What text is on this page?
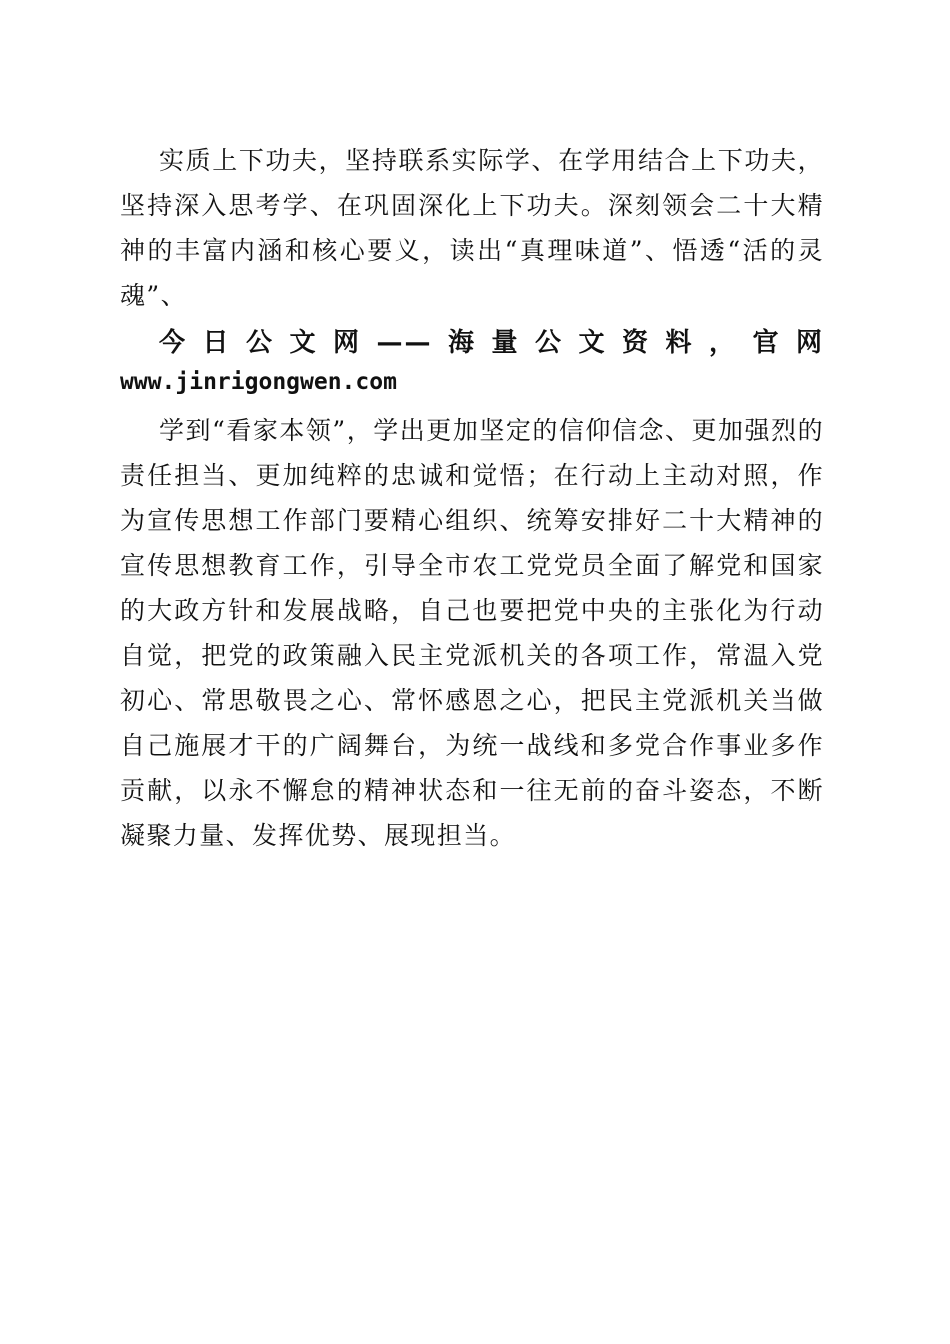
实质上下功夫，坚持联系实际学、在学用结合上下功夫，坚持深入思考学、在巩固深化上下功夫。深刻领会二十大精神的丰富内涵和核心要义，读出“真理味道”、悟透“活的灵魂”、

今日公文网——海量公文资料，官网
www.jinrigongwen.com

学到“看家本领”，学出更加坚定的信仰信念、更加强烈的责任担当、更加纯粹的忠诚和觉悟；在行动上主动对照，作为宣传思想工作部门要精心组织、统筹安排好二十大精神的宣传思想教育工作，引导全市农工党党员全面了解党和国家的大政方针和发展战略，自己也要把党中央的主张化为行动自觉，把党的政策融入民主党派机关的各项工作，常温入党初心、常思敬畏之心、常怀感恩之心，把民主党派机关当做自己施展才干的广阔舞台，为统一战线和多党合作事业多作贡献，以永不懈怠的精神状态和一往无前的奋斗姿态，不断凝聚力量、发挥优势、展现担当。
